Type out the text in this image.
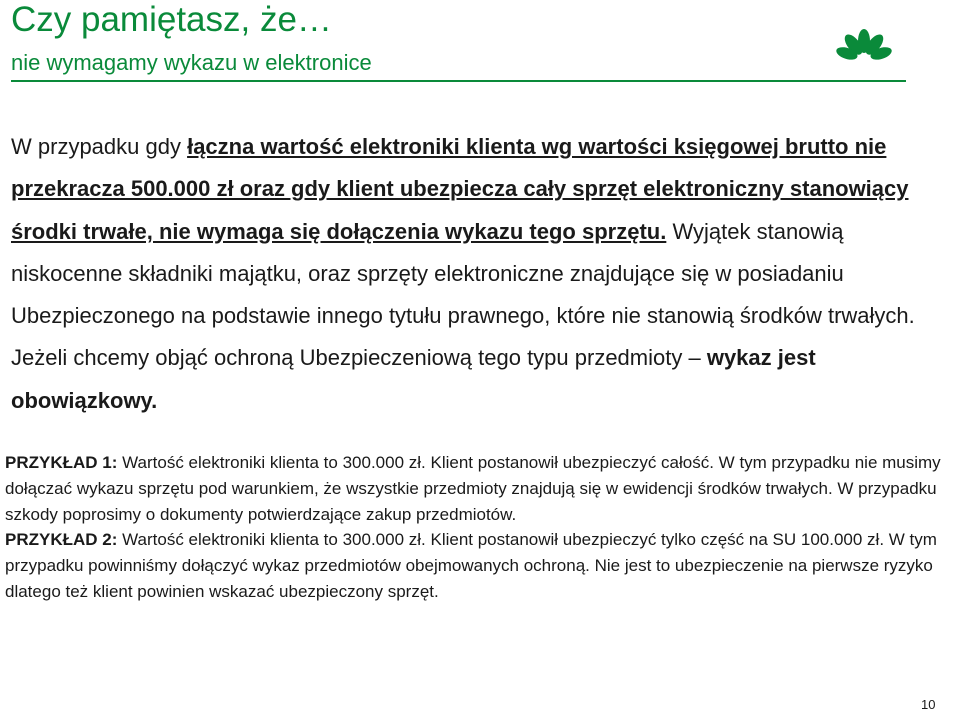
Czy pamiętasz, że…
nie wymagamy wykazu w elektronice
W przypadku gdy łączna wartość elektroniki klienta wg wartości księgowej brutto nie przekracza 500.000 zł oraz gdy klient ubezpiecza cały sprzęt elektroniczny stanowiący środki trwałe, nie wymaga się dołączenia wykazu tego sprzętu. Wyjątek stanowią niskocenne składniki majątku, oraz sprzęty elektroniczne znajdujące się w posiadaniu Ubezpieczonego na podstawie innego tytułu prawnego, które nie stanowią środków trwałych. Jeżeli chcemy objąć ochroną Ubezpieczeniową tego typu przedmioty – wykaz jest obowiązkowy.
PRZYKŁAD 1: Wartość elektroniki klienta to 300.000 zł. Klient postanowił ubezpieczyć całość. W tym przypadku nie musimy dołączać wykazu sprzętu pod warunkiem, że wszystkie przedmioty znajdują się w ewidencji środków trwałych. W przypadku szkody poprosimy o dokumenty potwierdzające zakup przedmiotów.
PRZYKŁAD 2: Wartość elektroniki klienta to 300.000 zł. Klient postanowił ubezpieczyć tylko część na SU 100.000 zł. W tym przypadku powinniśmy dołączyć wykaz przedmiotów obejmowanych ochroną. Nie jest to ubezpieczenie na pierwsze ryzyko dlatego też klient powinien wskazać ubezpieczony sprzęt.
10
